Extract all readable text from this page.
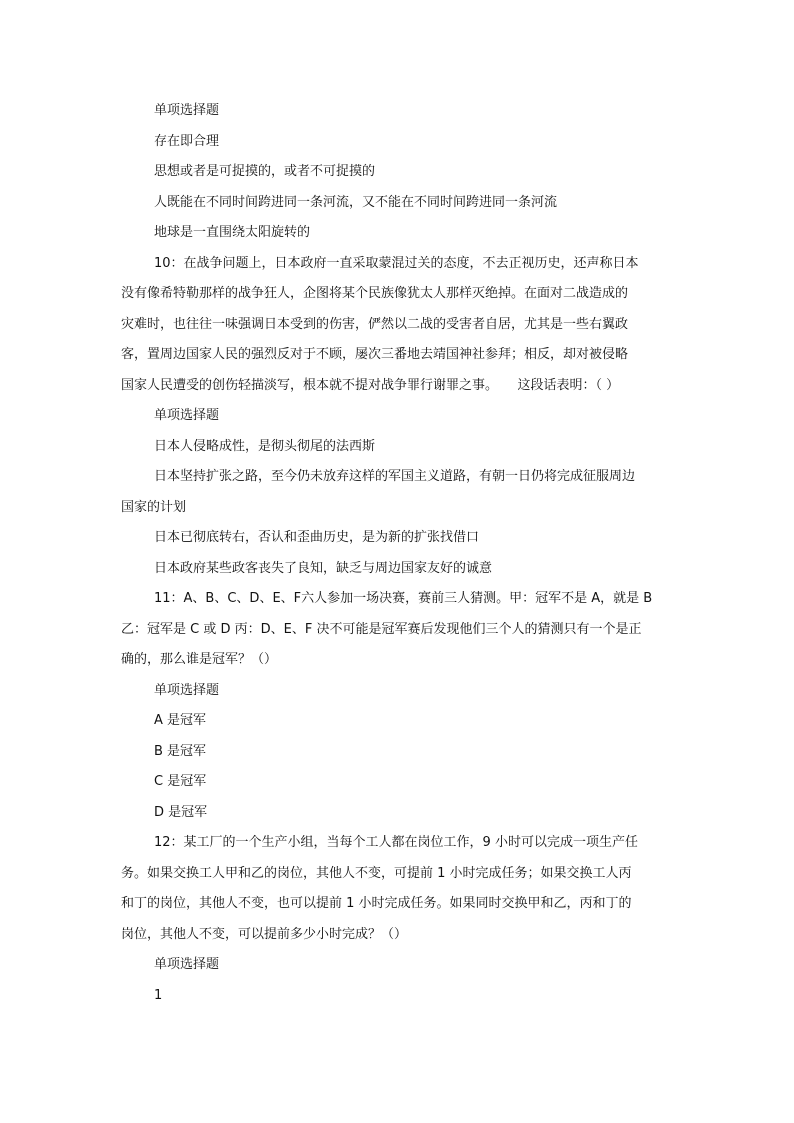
单项选择题

存在即合理

思想或者是可捉摸的，或者不可捉摸的

人既能在不同时间跨进同一条河流，又不能在不同时间跨进同一条河流

地球是一直围绕太阳旋转的

10：在战争问题上，日本政府一直采取蒙混过关的态度，不去正视历史，还声称日本

没有像希特勒那样的战争狂人，企图将某个民族像犹太人那样灭绝掉。在面对二战造成的

灾难时，也往往一味强调日本受到的伤害，俨然以二战的受害者自居，尤其是一些右翼政

客，置周边国家人民的强烈反对于不顾，屡次三番地去靖国神社参拜；相反，却对被侵略

国家人民遭受的创伤轻描淡写，根本就不提对战争罪行谢罪之事。　　这段话表明：（ ）

单项选择题

日本人侵略成性，是彻头彻尾的法西斯

日本坚持扩张之路，至今仍未放弃这样的军国主义道路，有朝一日仍将完成征服周边

国家的计划

日本已彻底转右，否认和歪曲历史，是为新的扩张找借口

日本政府某些政客丧失了良知，缺乏与周边国家友好的诚意

11：A、B、C、D、E、F六人参加一场决赛，赛前三人猜测。甲：冠军不是 A，就是 B

乙：冠军是 C 或 D 丙：D、E、F 决不可能是冠军赛后发现他们三个人的猜测只有一个是正

确的，那么谁是冠军？（）

单项选择题

A 是冠军

B 是冠军

C 是冠军

D 是冠军

12：某工厂的一个生产小组，当每个工人都在岗位工作，9 小时可以完成一项生产任

务。如果交换工人甲和乙的岗位，其他人不变，可提前 1 小时完成任务；如果交换工人丙

和丁的岗位，其他人不变，也可以提前 1 小时完成任务。如果同时交换甲和乙，丙和丁的

岗位，其他人不变，可以提前多少小时完成？（）

单项选择题

1
